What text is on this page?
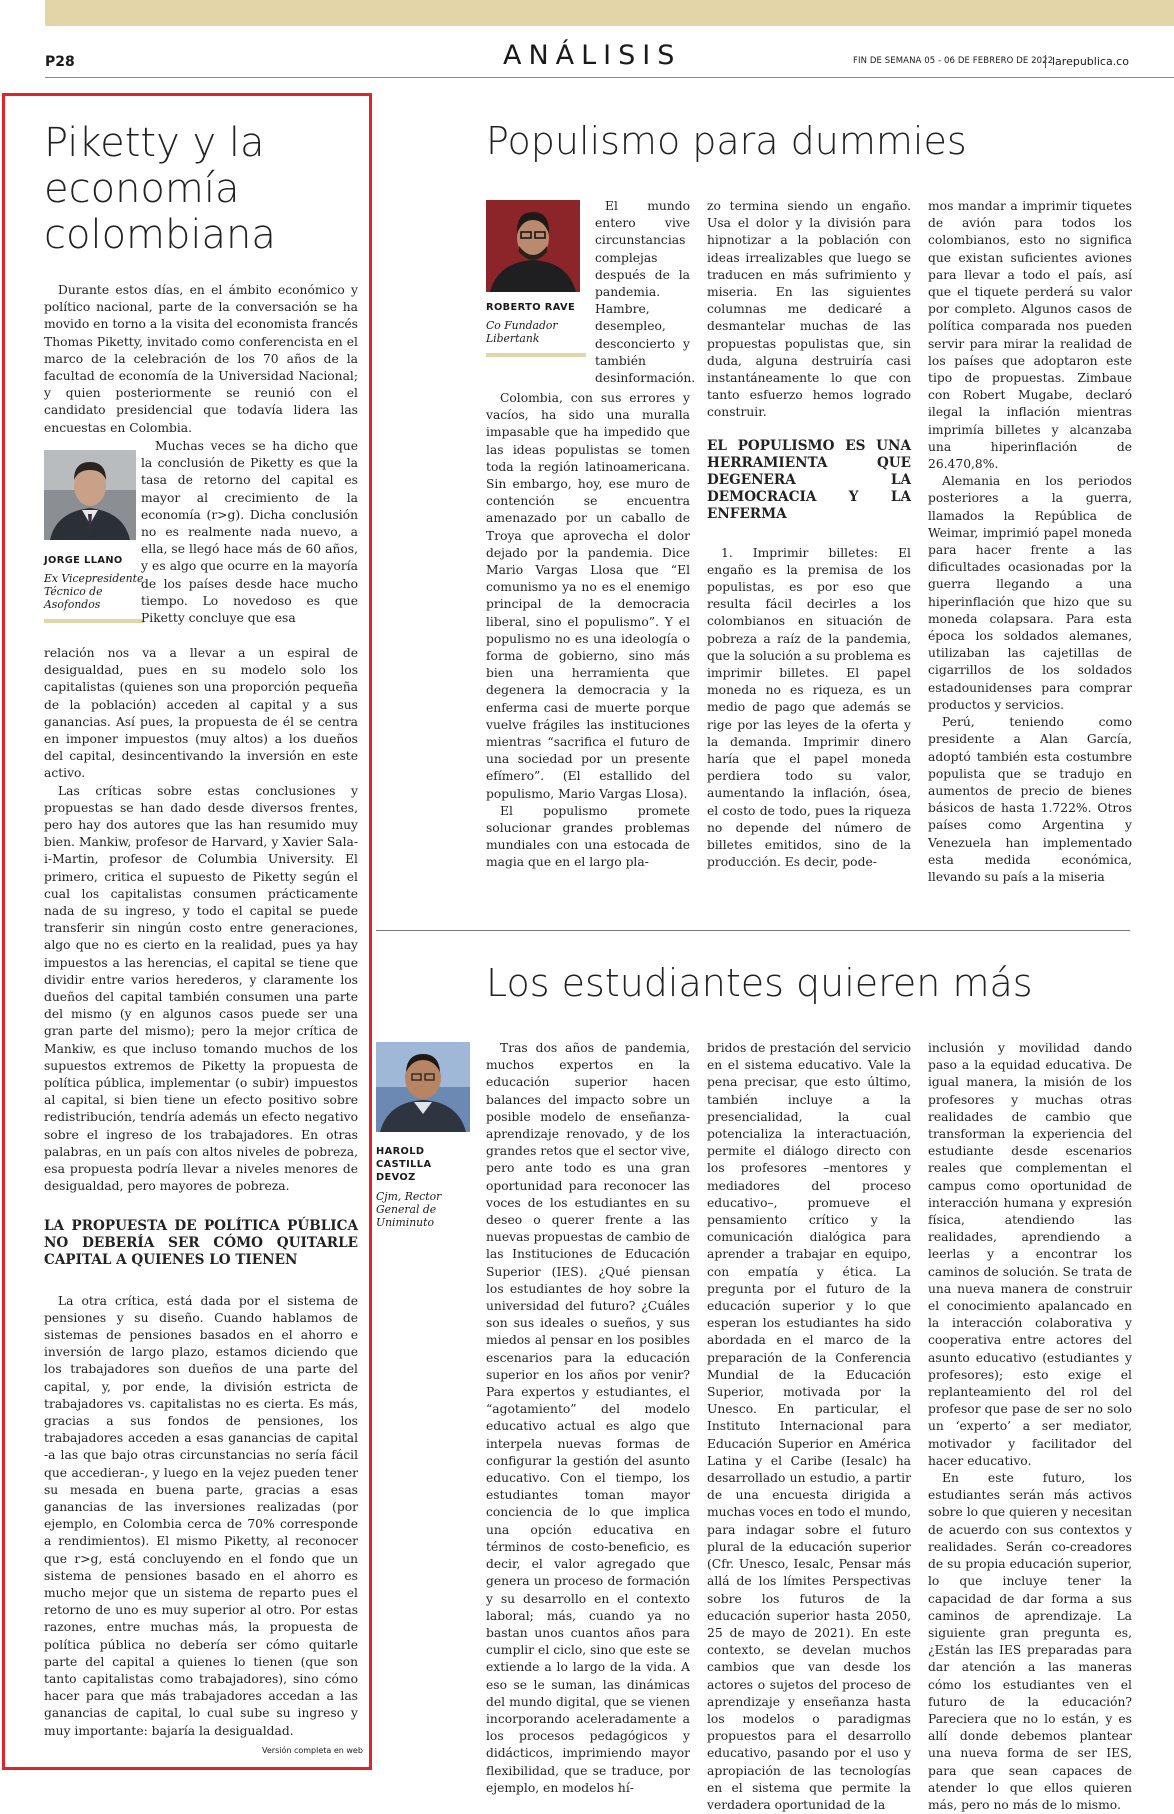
P28	ANÁLISIS	FIN DE SEMANA 05 - 06 DE FEBRERO DE 2022
larepublica.co
Piketty y la economía colombiana

Durante estos días, en el ámbito económico y político nacional, parte de la conversación se ha movido en torno a la visita del economista francés Thomas Piketty, invitado como conferencista en el marco de la celebración de los 70 años de la facultad de economía de la Universidad Nacional; y quien posteriormente se reunió con el candidato presidencial que todavía lidera las encuestas en Colombia.

JORGE LLANO
Ex Vicepresidente Técnico de Asofondos

Muchas veces se ha dicho que la conclusión de Piketty es que la tasa de retorno del capital es mayor al crecimiento de la economía (r>g). Dicha conclusión no es realmente nada nuevo, a ella, se llegó hace más de 60 años, y es algo que ocurre en la mayoría de los países desde hace mucho tiempo. Lo novedoso es que Piketty concluye que esa

relación nos va a llevar a un espiral de desigualdad, pues en su modelo solo los capitalistas (quienes son una proporción pequeña de la población) acceden al capital y a sus ganancias. Así pues, la propuesta de él se centra en imponer impuestos (muy altos) a los dueños del capital, desincentivando la inversión en este activo.

Las críticas sobre estas conclusiones y propuestas se han dado desde diversos frentes, pero hay dos autores que las han resumido muy bien. Mankiw, profesor de Harvard, y Xavier Sala-i-Martin, profesor de Columbia University. El primero, critica el supuesto de Piketty según el cual los capitalistas consumen prácticamente nada de su ingreso, y todo el capital se puede transferir sin ningún costo entre generaciones, algo que no es cierto en la realidad, pues ya hay impuestos a las herencias, el capital se tiene que dividir entre varios herederos, y claramente los dueños del capital también consumen una parte del mismo (y en algunos casos puede ser una gran parte del mismo); pero la mejor crítica de Mankiw, es que incluso tomando muchos de los supuestos extremos de Piketty la propuesta de política pública, implementar (o subir) impuestos al capital, si bien tiene un efecto positivo sobre redistribución, tendría además un efecto negativo sobre el ingreso de los trabajadores. En otras palabras, en un país con altos niveles de pobreza, esa propuesta podría llevar a niveles menores de desigualdad, pero mayores de pobreza.

LA PROPUESTA DE POLÍTICA PÚBLICA NO DEBERÍA SER CÓMO QUITARLE CAPITAL A QUIENES LO TIENEN

La otra crítica, está dada por el sistema de pensiones y su diseño. Cuando hablamos de sistemas de pensiones basados en el ahorro e inversión de largo plazo, estamos diciendo que los trabajadores son dueños de una parte del capital, y, por ende, la división estricta de trabajadores vs. capitalistas no es cierta. Es más, gracias a sus fondos de pensiones, los trabajadores acceden a esas ganancias de capital -a las que bajo otras circunstancias no sería fácil que accedieran-, y luego en la vejez pueden tener su mesada en buena parte, gracias a esas ganancias de las inversiones realizadas (por ejemplo, en Colombia cerca de 70% corresponde a rendimientos). El mismo Piketty, al reconocer que r>g, está concluyendo en el fondo que un sistema de pensiones basado en el ahorro es mucho mejor que un sistema de reparto pues el retorno de uno es muy superior al otro. Por estas razones, entre muchas más, la propuesta de política pública no debería ser cómo quitarle parte del capital a quienes lo tienen (que son tanto capitalistas como trabajadores), sino cómo hacer para que más trabajadores accedan a las ganancias de capital, lo cual sube su ingreso y muy importante: bajaría la desigualdad.

Versión completa en web
Populismo para dummies
ROBERTO RAVE
Co Fundador Libertank

El mundo entero vive circunstancias complejas después de la pandemia. Hambre, desempleo, desconcierto y también desinformación.

Colombia, con sus errores y vacíos, ha sido una muralla impasable que ha impedido que las ideas populistas se tomen toda la región latinoamericana. Sin embargo, hoy, ese muro de contención se encuentra amenazado por un caballo de Troya que aprovecha el dolor dejado por la pandemia. Dice Mario Vargas Llosa que “El comunismo ya no es el enemigo principal de la democracia liberal, sino el populismo”. Y el populismo no es una ideología o forma de gobierno, sino más bien una herramienta que degenera la democracia y la enferma casi de muerte porque vuelve frágiles las instituciones mientras “sacrifica el futuro de una sociedad por un presente efímero”. (El estallido del populismo, Mario Vargas Llosa).

El populismo promete solucionar grandes problemas mundiales con una estocada de magia que en el largo pla-

zo termina siendo un engaño. Usa el dolor y la división para hipnotizar a la población con ideas irrealizables que luego se traducen en más sufrimiento y miseria. En las siguientes columnas me dedicaré a desmantelar muchas de las propuestas populistas que, sin duda, alguna destruiría casi instantáneamente lo que con tanto esfuerzo hemos logrado construir.

EL POPULISMO ES UNA HERRAMIENTA QUE DEGENERA LA DEMOCRACIA Y LA ENFERMA

1. Imprimir billetes: El engaño es la premisa de los populistas, es por eso que resulta fácil decirles a los colombianos en situación de pobreza a raíz de la pandemia, que la solución a su problema es imprimir billetes. El papel moneda no es riqueza, es un medio de pago que además se rige por las leyes de la oferta y la demanda. Imprimir dinero haría que el papel moneda perdiera todo su valor, aumentando la inflación, ósea, el costo de todo, pues la riqueza no depende del número de billetes emitidos, sino de la producción. Es decir, pode-

mos mandar a imprimir tiquetes de avión para todos los colombianos, esto no significa que existan suficientes aviones para llevar a todo el país, así que el tiquete perderá su valor por completo. Algunos casos de política comparada nos pueden servir para mirar la realidad de los países que adoptaron este tipo de propuestas. Zimbaue con Robert Mugabe, declaró ilegal la inflación mientras imprimía billetes y alcanzaba una hiperinflación de 26.470,8%.

Alemania en los periodos posteriores a la guerra, llamados la República de Weimar, imprimió papel moneda para hacer frente a las dificultades ocasionadas por la guerra llegando a una hiperinflación que hizo que su moneda colapsara. Para esta época los soldados alemanes, utilizaban las cajetillas de cigarrillos de los soldados estadounidenses para comprar productos y servicios.

Perú, teniendo como presidente a Alan García, adoptó también esta costumbre populista que se tradujo en aumentos de precio de bienes básicos de hasta 1.722%. Otros países como Argentina y Venezuela han implementado esta medida económica, llevando su país a la miseria

Los estudiantes quieren más
HAROLD CASTILLA DEVOZ
Cjm, Rector General de Uniminuto

Tras dos años de pandemia, muchos expertos en la educación superior hacen balances del impacto sobre un posible modelo de enseñanza-aprendizaje renovado, y de los grandes retos que el sector vive, pero ante todo es una gran oportunidad para reconocer las voces de los estudiantes en su deseo o querer frente a las nuevas propuestas de cambio de las Instituciones de Educación Superior (IES). ¿Qué piensan los estudiantes de hoy sobre la universidad del futuro? ¿Cuáles son sus ideales o sueños, y sus miedos al pensar en los posibles escenarios para la educación superior en los años por venir? Para expertos y estudiantes, el “agotamiento” del modelo educativo actual es algo que interpela nuevas formas de configurar la gestión del asunto educativo. Con el tiempo, los estudiantes toman mayor conciencia de lo que implica una opción educativa en términos de costo-beneficio, es decir, el valor agregado que genera un proceso de formación y su desarrollo en el contexto laboral; más, cuando ya no bastan unos cuantos años para cumplir el ciclo, sino que este se extiende a lo largo de la vida. A eso se le suman, las dinámicas del mundo digital, que se vienen incorporando aceleradamente a los procesos pedagógicos y didácticos, imprimiendo mayor flexibilidad, que se traduce, por ejemplo, en modelos hí-

bridos de prestación del servicio en el sistema educativo. Vale la pena precisar, que esto último, también incluye a la presencialidad, la cual potencializa la interactuación, permite el diálogo directo con los profesores –mentores y mediadores del proceso educativo–, promueve el pensamiento crítico y la comunicación dialógica para aprender a trabajar en equipo, con empatía y ética. La pregunta por el futuro de la educación superior y lo que esperan los estudiantes ha sido abordada en el marco de la preparación de la Conferencia Mundial de la Educación Superior, motivada por la Unesco. En particular, el Instituto Internacional para Educación Superior en América Latina y el Caribe (Iesalc) ha desarrollado un estudio, a partir de una encuesta dirigida a muchas voces en todo el mundo, para indagar sobre el futuro plural de la educación superior (Cfr. Unesco, Iesalc, Pensar más allá de los límites Perspectivas sobre los futuros de la educación superior hasta 2050, 25 de mayo de 2021). En este contexto, se develan muchos cambios que van desde los actores o sujetos del proceso de aprendizaje y enseñanza hasta los modelos o paradigmas propuestos para el desarrollo educativo, pasando por el uso y apropiación de las tecnologías en el sistema que permite la verdadera oportunidad de la

inclusión y movilidad dando paso a la equidad educativa. De igual manera, la misión de los profesores y muchas otras realidades de cambio que transforman la experiencia del estudiante desde escenarios reales que complementan el campus como oportunidad de interacción humana y expresión física, atendiendo las realidades, aprendiendo a leerlas y a encontrar los caminos de solución. Se trata de una nueva manera de construir el conocimiento apalancado en la interacción colaborativa y cooperativa entre actores del asunto educativo (estudiantes y profesores); esto exige el replanteamiento del rol del profesor que pase de ser no solo un ‘experto’ a ser mediator, motivador y facilitador del hacer educativo.

En este futuro, los estudiantes serán más activos sobre lo que quieren y necesitan de acuerdo con sus contextos y realidades. Serán co-creadores de su propia educación superior, lo que incluye tener la capacidad de dar forma a sus caminos de aprendizaje. La siguiente gran pregunta es, ¿Están las IES preparadas para dar atención a las maneras cómo los estudiantes ven el futuro de la educación? Pareciera que no lo están, y es allí donde debemos plantear una nueva forma de ser IES, para que sean capaces de atender lo que ellos quieren más, pero no más de lo mismo.
